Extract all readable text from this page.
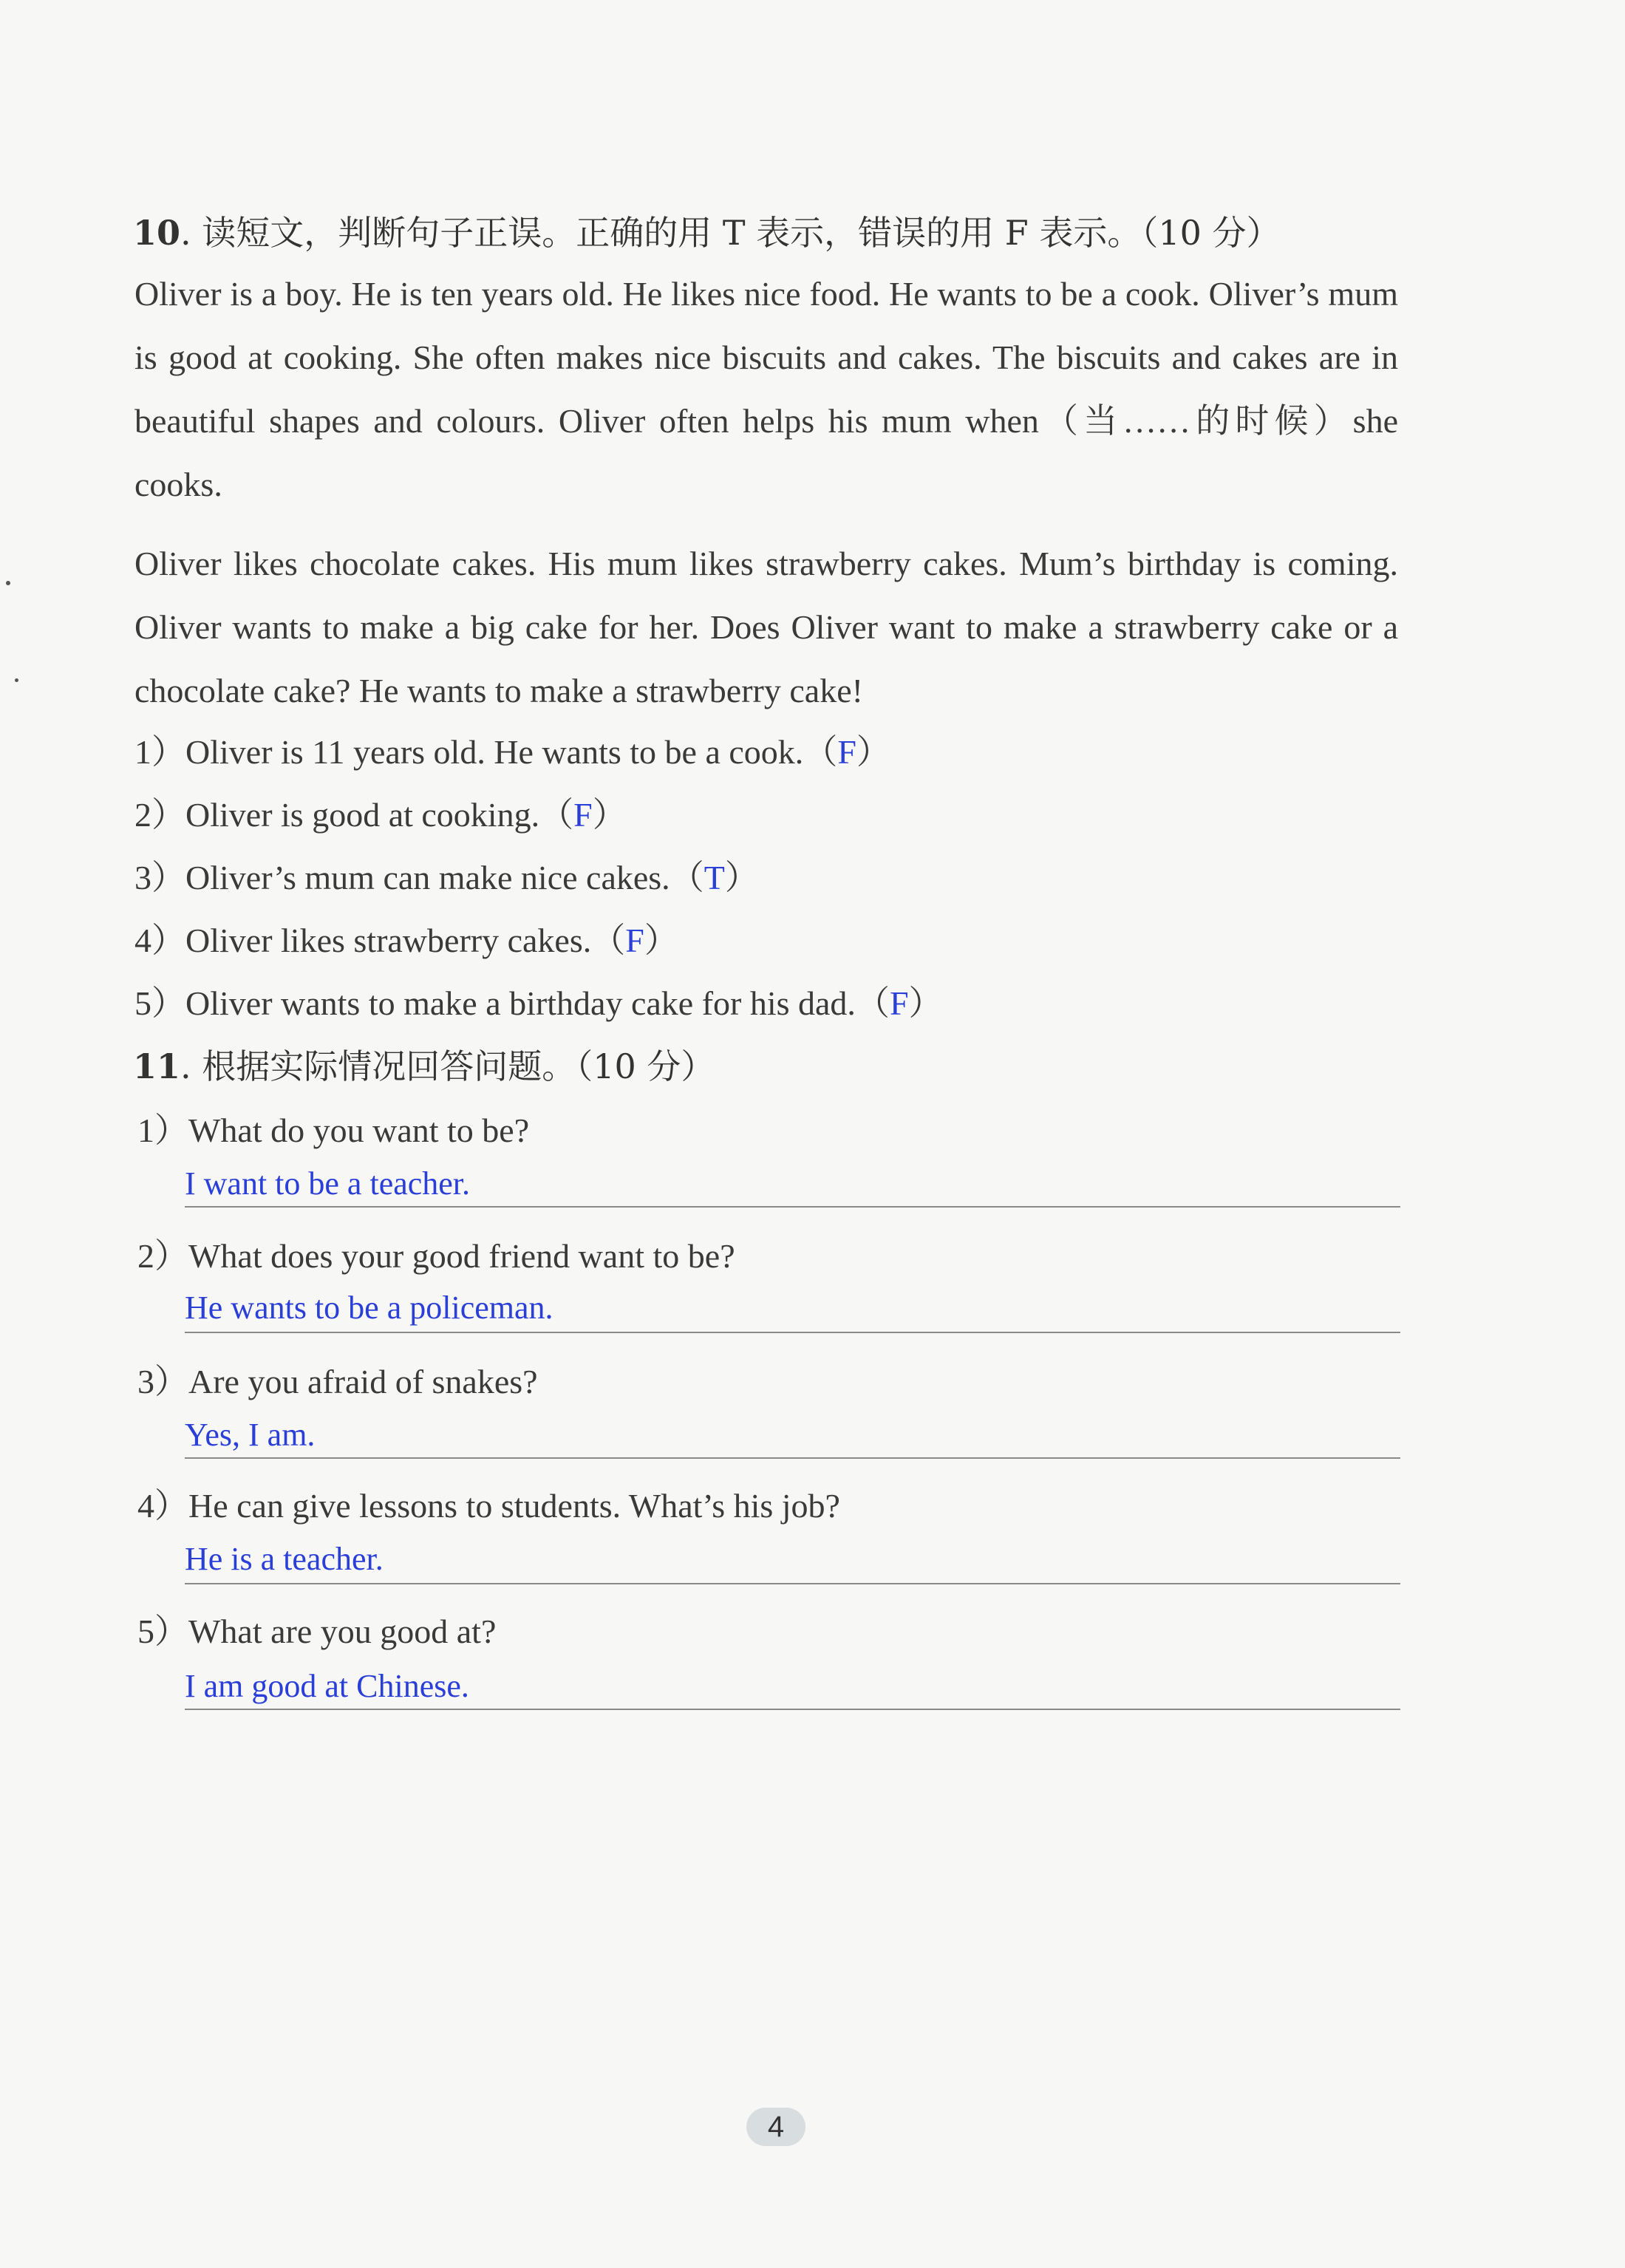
10. 读短文，判断句子正误。正确的用 T 表示，错误的用 F 表示。（10 分）

Oliver is a boy. He is ten years old. He likes nice food. He wants to be a cook. Oliver’s mum is good at cooking. She often makes nice biscuits and cakes. The biscuits and cakes are in beautiful shapes and colours. Oliver often helps his mum when（当……的时候）she cooks.

Oliver likes chocolate cakes. His mum likes strawberry cakes. Mum’s birthday is coming. Oliver wants to make a big cake for her. Does Oliver want to make a strawberry cake or a chocolate cake? He wants to make a strawberry cake!

1）Oliver is 11 years old. He wants to be a cook.（F）
2）Oliver is good at cooking.（F）
3）Oliver’s mum can make nice cakes.（T）
4）Oliver likes strawberry cakes.（F）
5）Oliver wants to make a birthday cake for his dad.（F）
11. 根据实际情况回答问题。（10 分）
1）What do you want to be?
I want to be a teacher.
2）What does your good friend want to be?
He wants to be a policeman.
3）Are you afraid of snakes?
Yes, I am.
4）He can give lessons to students. What’s his job?
He is a teacher.
5）What are you good at?
I am good at Chinese.
4
